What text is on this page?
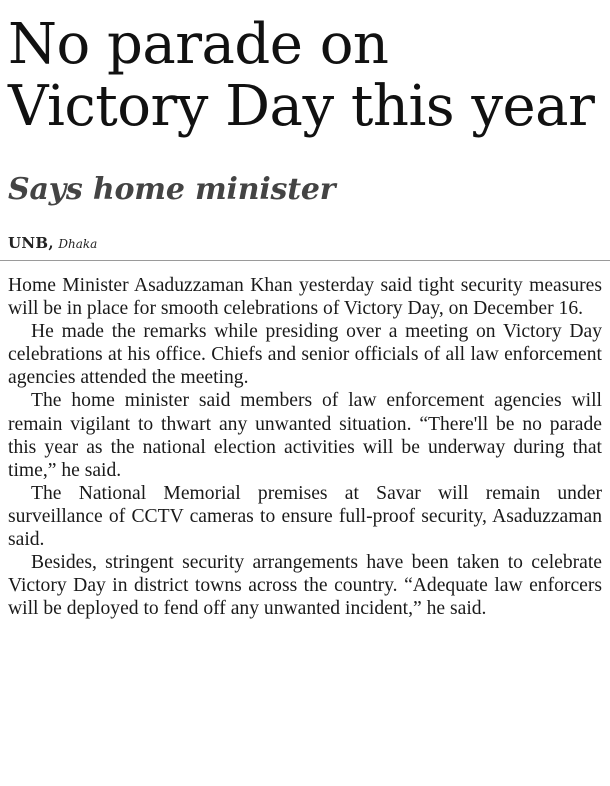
No parade on Victory Day this year
Says home minister
UNB, Dhaka

Home Minister Asaduzzaman Khan yesterday said tight security measures will be in place for smooth celebrations of Victory Day, on December 16.

He made the remarks while presiding over a meeting on Victory Day celebrations at his office. Chiefs and senior officials of all law enforcement agencies attended the meeting.

The home minister said members of law enforcement agencies will remain vigilant to thwart any unwanted situation. “There'll be no parade this year as the national election activities will be underway during that time,” he said.

The National Memorial premises at Savar will remain under surveillance of CCTV cameras to ensure full-proof security, Asaduzzaman said.

Besides, stringent security arrangements have been taken to celebrate Victory Day in district towns across the country. “Adequate law enforcers will be deployed to fend off any unwanted incident,” he said.
